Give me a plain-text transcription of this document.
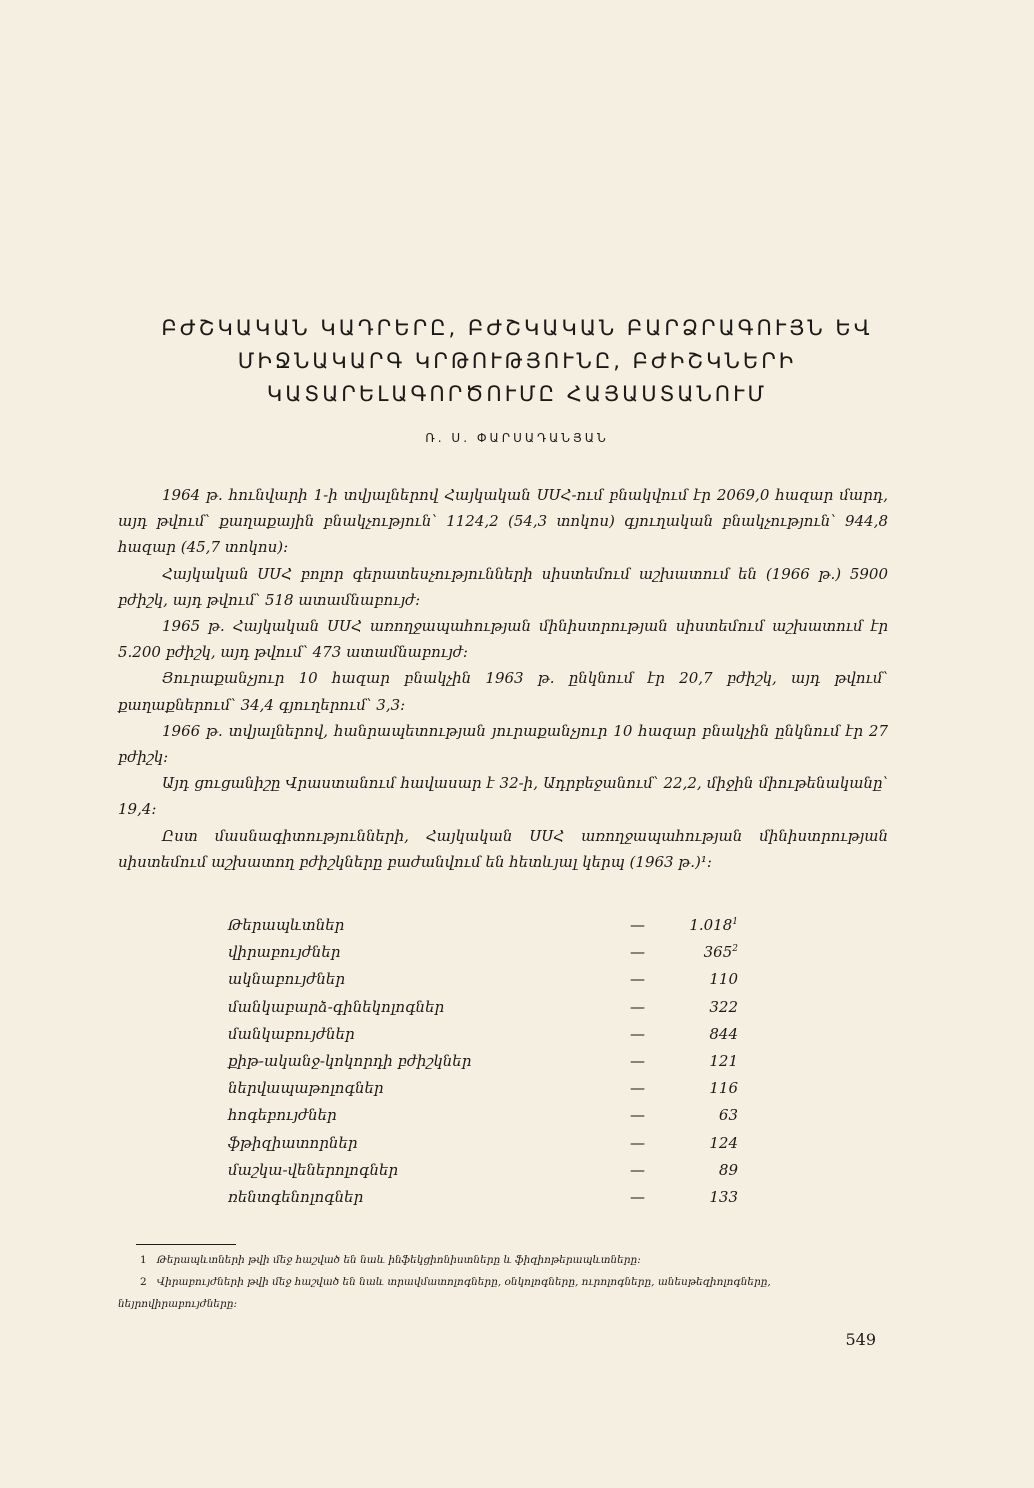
ԲԺՇԿԱԿԱՆ ԿԱԴՐԵՐԸ, ԲԺՇԿԱԿԱՆ ԲԱՐՁՐԱԳՈՒՅՆ ԵՎ
ՄԻՋՆԱԿԱՐԳ ԿՐԹՈՒԹՅՈՒՆԸ, ԲԺԻՇԿՆԵՐԻ
ԿԱՏԱՐԵԼԱԳՈՐԾՈՒՄԸ ՀԱՅԱՍՏԱՆՈՒՄ
Ռ. Ս. ՓԱՐՍԱԴԱՆՅԱՆ

1964 թ. հունվարի 1-ի տվյալներով Հայկական ՍՍՀ-ում բնակվում էր 2069,0 հազար մարդ, այդ թվում՝ քաղաքային բնակչություն՝ 1124,2 (54,3 տոկոս) գյուղական բնակչություն՝ 944,8 հազար (45,7 տոկոս)։

Հայկական ՍՍՀ բոլոր գերատեսչությունների սիստեմում աշխատում են (1966 թ.) 5900 բժիշկ, այդ թվում՝ 518 ատամնաբույժ։

1965 թ. Հայկական ՍՍՀ առողջապահության մինիստրության սիստեմում աշխատում էր 5.200 բժիշկ, այդ թվում՝ 473 ատամնաբույժ։

Յուրաքանչյուր 10 հազար բնակչին 1963 թ. ընկնում էր 20,7 բժիշկ, այդ թվում՝ քաղաքներում՝ 34,4 գյուղերում՝ 3,3։

1966 թ. տվյալներով, հանրապետության յուրաքանչյուր 10 հազար բնակչին ընկնում էր 27 բժիշկ։

Այդ ցուցանիշը Վրաստանում հավասար է 32-ի, Ադրբեջանում՝ 22,2, միջին միութենականը՝ 19,4։

Ըստ մասնագիտությունների, Հայկական ՍՍՀ առողջապահության մինիստրության սիստեմում աշխատող բժիշկները բաժանվում են հետևյալ կերպ (1963 թ.)¹։

Թերապևտներ	—	1.018$^1$
վիրաբույժներ	—	$365^2$
ակնաբույժներ	—	110
մանկաբարձ-գինեկոլոգներ	—	322
մանկաբույժներ	—	844
քիթ-ականջ-կոկորդի բժիշկներ	—	121
ներվապաթոլոգներ	—	116
հոգեբույժներ	—	63
ֆթիզիատորներ	—	124
մաշկա-վեներոլոգներ	—	89
ռենտգենոլոգներ	—	133
1 Թերապևտների թվի մեջ հաշված են նաև ինֆեկցիոնիստները և ֆիզիոթերապևտները։
2 Վիրաբույժների թվի մեջ հաշված են նաև տրավմատոլոգները, օնկոլոգները, ուրոլոգները, անեսթեզիոլոգները, նեյրովիրաբույժները։
549
